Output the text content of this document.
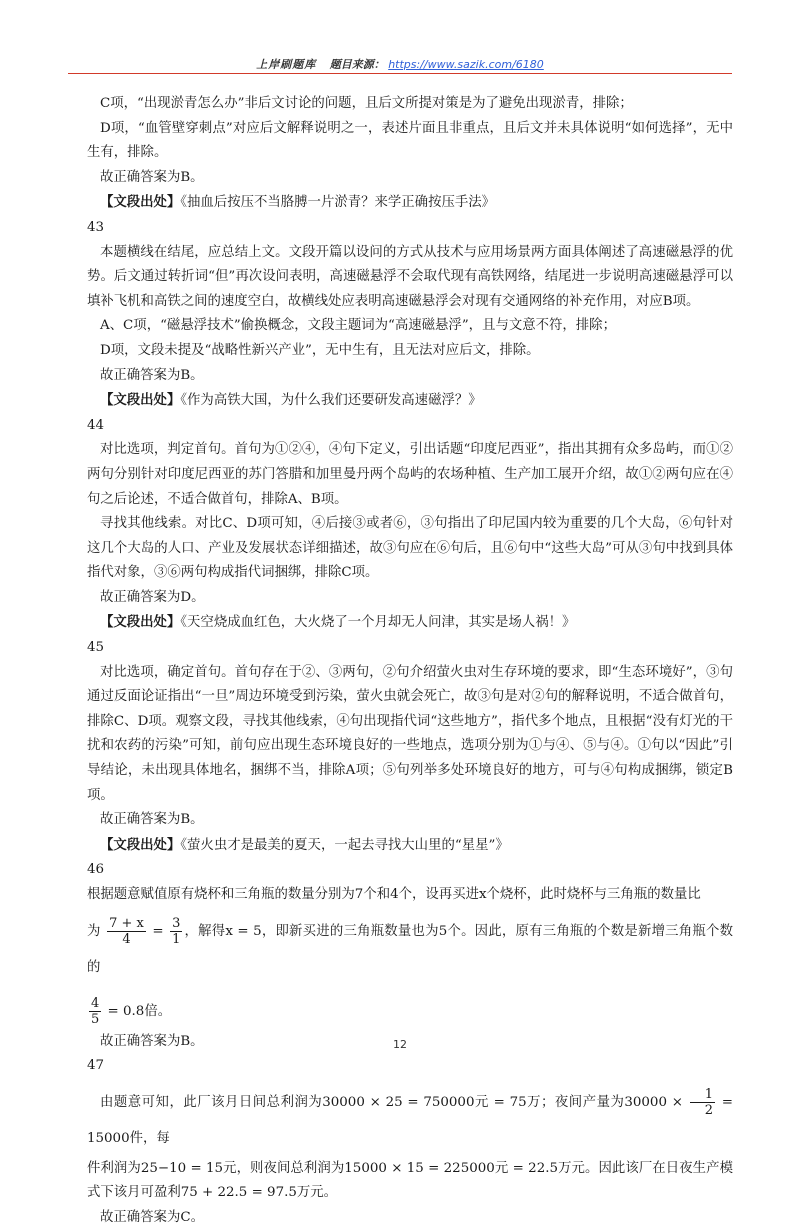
上岸刷题库 题目来源： https://www.sazik.com/6180

C项，“出现淤青怎么办”非后文讨论的问题，且后文所提对策是为了避免出现淤青，排除；

D项，“血管壁穿刺点”对应后文解释说明之一，表述片面且非重点，且后文并未具体说明“如何选择”，无中生有，排除。

故正确答案为B。

【文段出处】《抽血后按压不当胳膊一片淤青？来学正确按压手法》

43

本题横线在结尾，应总结上文。文段开篇以设问的方式从技术与应用场景两方面具体阐述了高速磁悬浮的优势。后文通过转折词“但”再次设问表明，高速磁悬浮不会取代现有高铁网络，结尾进一步说明高速磁悬浮可以填补飞机和高铁之间的速度空白，故横线处应表明高速磁悬浮会对现有交通网络的补充作用，对应B项。

A、C项，“磁悬浮技术”偷换概念，文段主题词为“高速磁悬浮”，且与文意不符，排除；

D项，文段未提及“战略性新兴产业”，无中生有，且无法对应后文，排除。

故正确答案为B。

【文段出处】《作为高铁大国，为什么我们还要研发高速磁浮？》

44

对比选项，判定首句。首句为①②④，④句下定义，引出话题“印度尼西亚”，指出其拥有众多岛屿，而①②两句分别针对印度尼西亚的苏门答腊和加里曼丹两个岛屿的农场种植、生产加工展开介绍，故①②两句应在④句之后论述，不适合做首句，排除A、B项。

寻找其他线索。对比C、D项可知，④后接③或者⑥，③句指出了印尼国内较为重要的几个大岛，⑥句针对这几个大岛的人口、产业及发展状态详细描述，故③句应在⑥句后，且⑥句中“这些大岛”可从③句中找到具体指代对象，③⑥两句构成指代词捆绑，排除C项。

故正确答案为D。

【文段出处】《天空烧成血红色，大火烧了一个月却无人问津，其实是场人祸！》

45

对比选项，确定首句。首句存在于②、③两句，②句介绍萤火虫对生存环境的要求，即“生态环境好”，③句通过反面论证指出“一旦”周边环境受到污染，萤火虫就会死亡，故③句是对②句的解释说明，不适合做首句，排除C、D项。观察文段，寻找其他线索，④句出现指代词“这些地方”，指代多个地点，且根据“没有灯光的干扰和农药的污染”可知，前句应出现生态环境良好的一些地点，选项分别为①与④、⑤与④。①句以“因此”引导结论，未出现具体地名，捆绑不当，排除A项；⑤句列举多处环境良好的地方，可与④句构成捆绑，锁定B项。

故正确答案为B。

【文段出处】《萤火虫才是最美的夏天，一起去寻找大山里的“星星”》

46

根据题意赋值原有烧杯和三角瓶的数量分别为7个和4个，设再买进x个烧杯，此时烧杯与三角瓶的数量比

为 $\frac{7 + x}{4} = \frac{3}{1}$ ，解得x = 5，即新买进的三角瓶数量也为5个。因此，原有三角瓶的个数是新增三角瓶个数的

$\frac{4}{5} = 0.8$倍。

故正确答案为B。

47

由题意可知，此厂该月日间总利润为30000 × 25 = 750000元 = 75万；夜间产量为$30000 \times \frac{1}{2} = 15000$件，每

件利润为25−10 = 15元，则夜间总利润为15000 × 15 = 225000元 = 22.5万元。因此该厂在日夜生产模式下该月可盈利75 + 22.5 = 97.5万元。

故正确答案为C。

12
